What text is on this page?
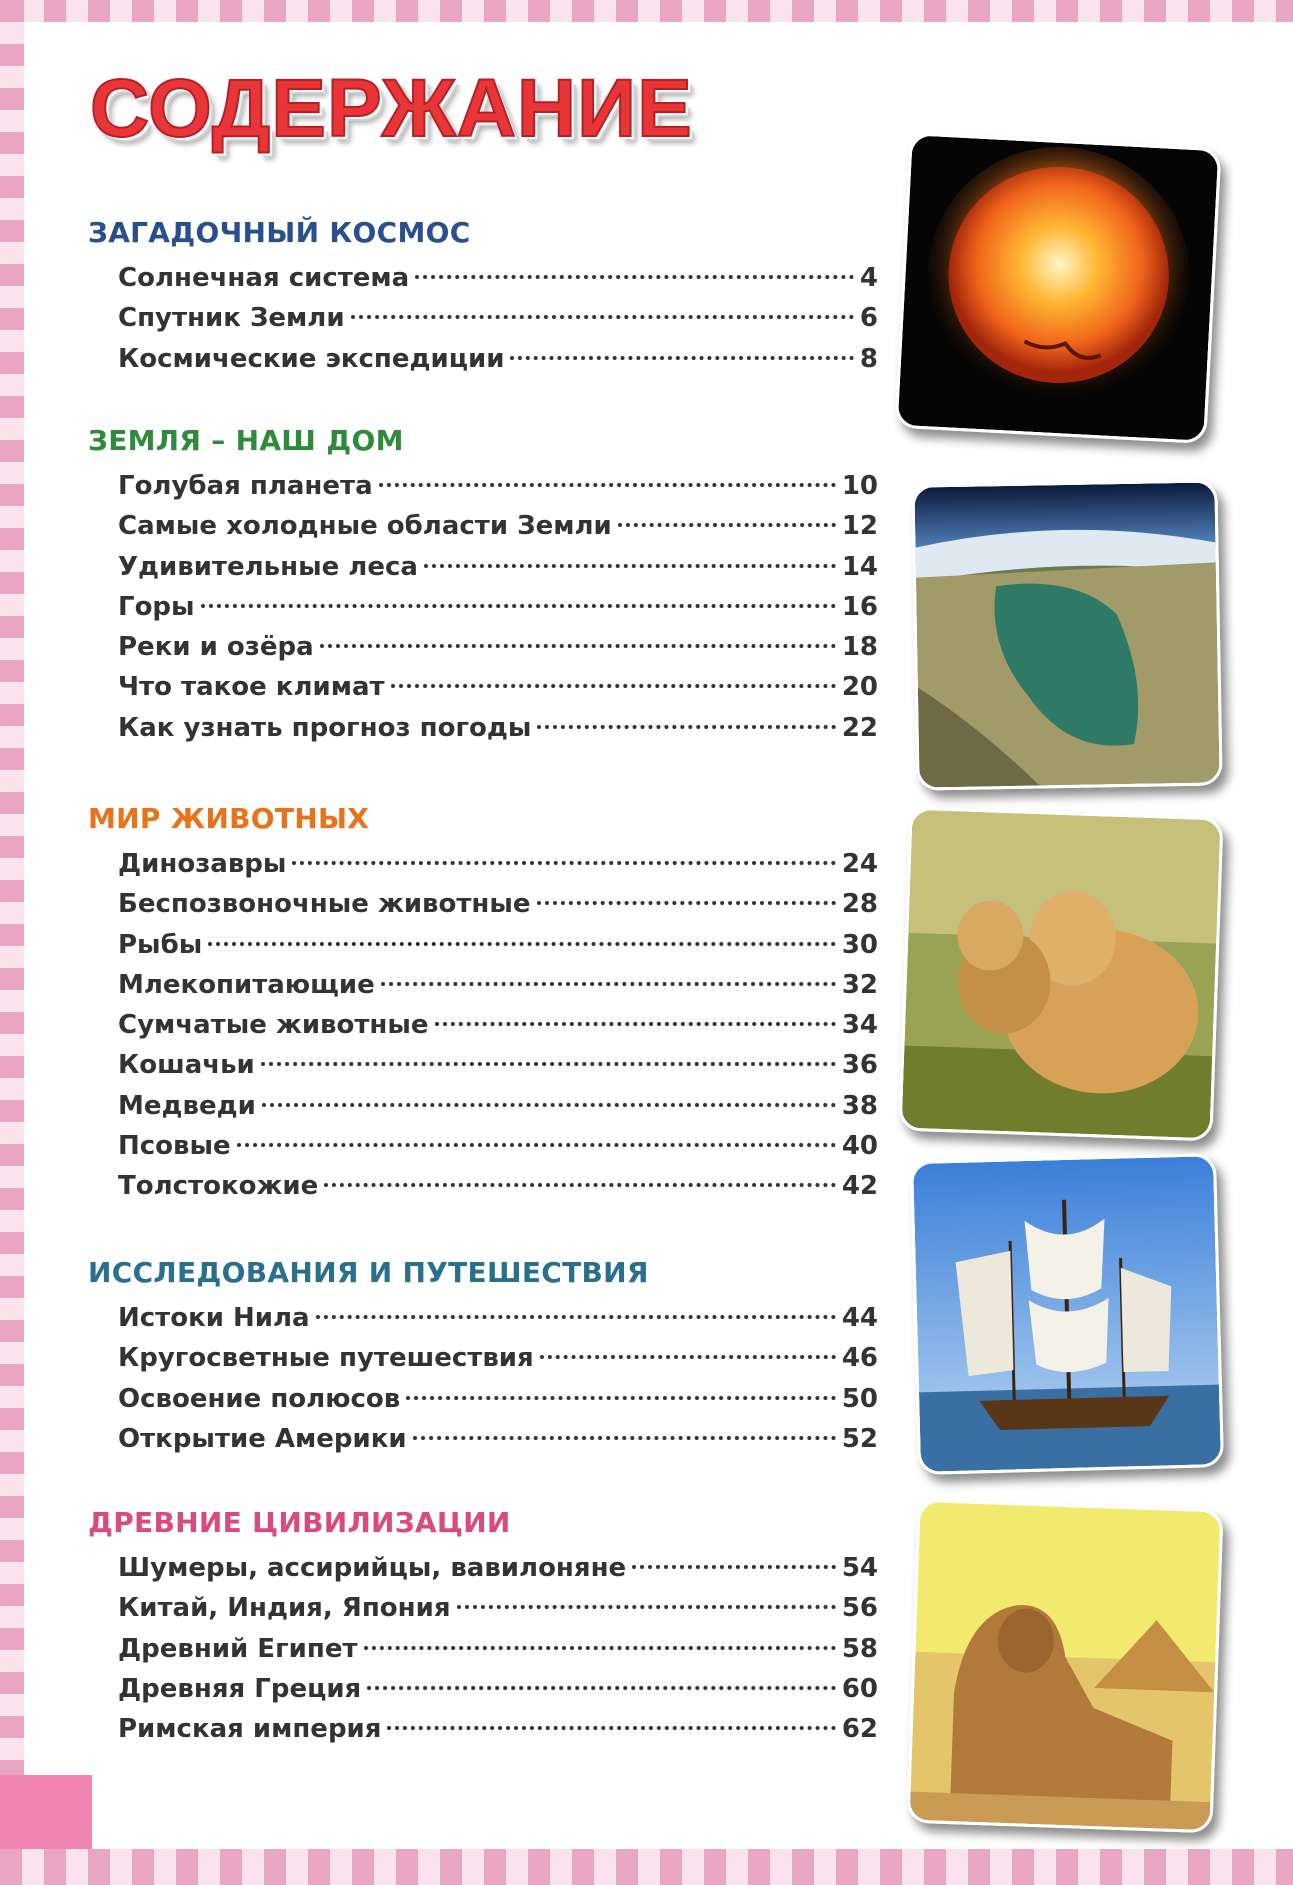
СОДЕРЖАНИЕ
ЗАГАДОЧНЫЙ КОСМОС
Солнечная система	4
Спутник Земли	6
Космические экспедиции	8
ЗЕМЛЯ – НАШ ДОМ
Голубая планета	10
Самые холодные области Земли	12
Удивительные леса	14
Горы	16
Реки и озёра	18
Что такое климат	20
Как узнать прогноз погоды	22
МИР ЖИВОТНЫХ
Динозавры	24
Беспозвоночные животные	28
Рыбы	30
Млекопитающие	32
Сумчатые животные	34
Кошачьи	36
Медведи	38
Псовые	40
Толстокожие	42
ИССЛЕДОВАНИЯ И ПУТЕШЕСТВИЯ
Истоки Нила	44
Кругосветные путешествия	46
Освоение полюсов	50
Открытие Америки	52
ДРЕВНИЕ ЦИВИЛИЗАЦИИ
Шумеры, ассирийцы, вавилоняне	54
Китай, Индия, Япония	56
Древний Египет	58
Древняя Греция	60
Римская империя	62
